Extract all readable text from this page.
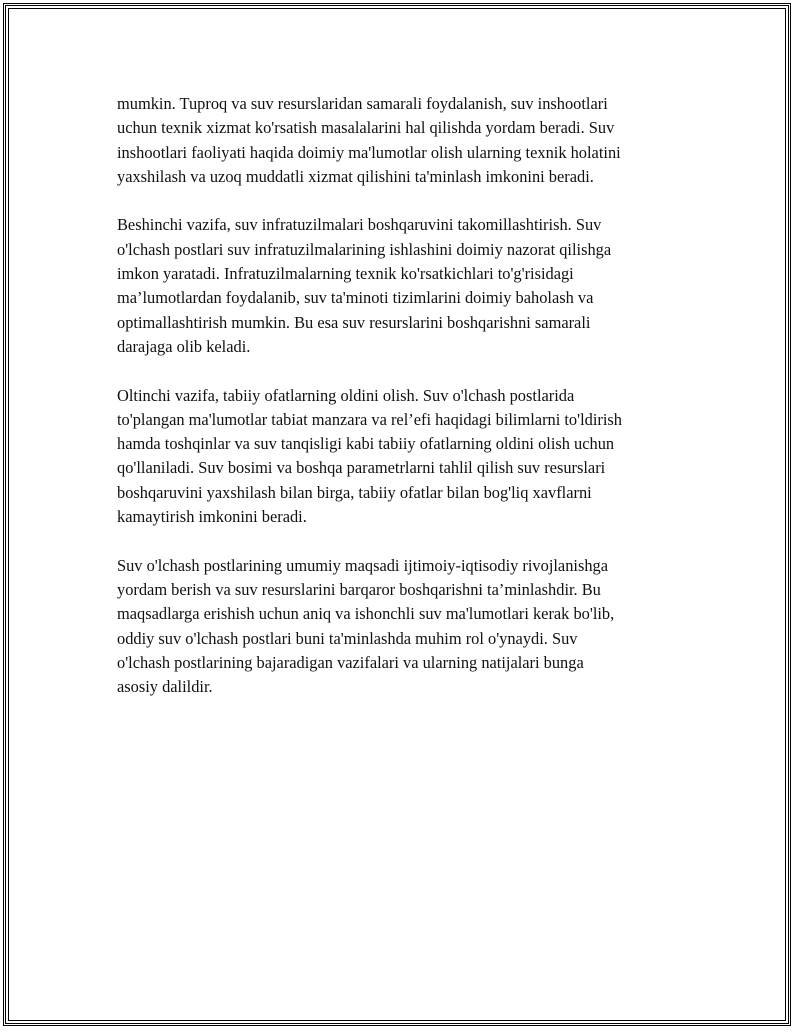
mumkin. Tuproq va suv resurslaridan samarali foydalanish, suv inshootlari
uchun texnik xizmat ko'rsatish masalalarini hal qilishda yordam beradi. Suv
inshootlari faoliyati haqida doimiy ma'lumotlar olish ularning texnik holatini
yaxshilash va uzoq muddatli xizmat qilishini ta'minlash imkonini beradi.

Beshinchi vazifa, suv infratuzilmalari boshqaruvini takomillashtirish. Suv
o'lchash postlari suv infratuzilmalarining ishlashini doimiy nazorat qilishga
imkon yaratadi. Infratuzilmalarning texnik ko'rsatkichlari to'g'risidagi
ma’lumotlardan foydalanib, suv ta'minoti tizimlarini doimiy baholash va
optimallashtirish mumkin. Bu esa suv resurslarini boshqarishni samarali
darajaga olib keladi.

Oltinchi vazifa, tabiiy ofatlarning oldini olish. Suv o'lchash postlarida
to'plangan ma'lumotlar tabiat manzara va rel’efi haqidagi bilimlarni to'ldirish
hamda toshqinlar va suv tanqisligi kabi tabiiy ofatlarning oldini olish uchun
qo'llaniladi. Suv bosimi va boshqa parametrlarni tahlil qilish suv resurslari
boshqaruvini yaxshilash bilan birga, tabiiy ofatlar bilan bog'liq xavflarni
kamaytirish imkonini beradi.

Suv o'lchash postlarining umumiy maqsadi ijtimoiy-iqtisodiy rivojlanishga
yordam berish va suv resurslarini barqaror boshqarishni ta’minlashdir. Bu
maqsadlarga erishish uchun aniq va ishonchli suv ma'lumotlari kerak bo'lib,
oddiy suv o'lchash postlari buni ta'minlashda muhim rol o'ynaydi. Suv
o'lchash postlarining bajaradigan vazifalari va ularning natijalari bunga
asosiy dalildir.
